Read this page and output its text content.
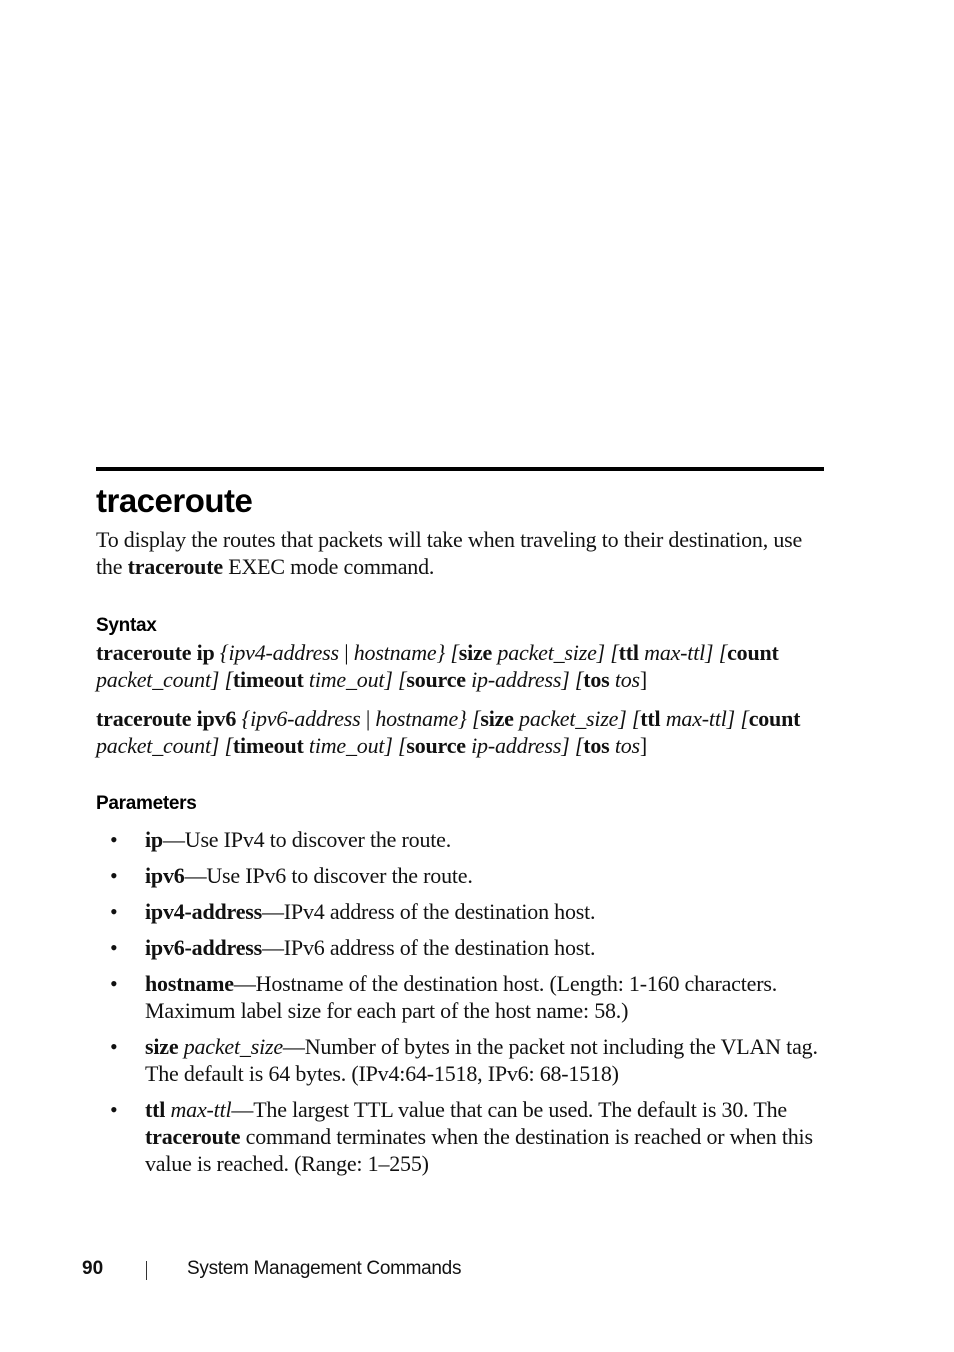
traceroute

To display the routes that packets will take when traveling to their destination, use the traceroute EXEC mode command.

Syntax

traceroute ip {ipv4-address | hostname} [size packet_size] [ttl max-ttl] [count packet_count] [timeout time_out] [source ip-address] [tos tos]

traceroute ipv6 {ipv6-address | hostname} [size packet_size] [ttl max-ttl] [count packet_count] [timeout time_out] [source ip-address] [tos tos]

Parameters
• ip—Use IPv4 to discover the route.
• ipv6—Use IPv6 to discover the route.
• ipv4-address—IPv4 address of the destination host.
• ipv6-address—IPv6 address of the destination host.
• hostname—Hostname of the destination host. (Length: 1-160 characters. Maximum label size for each part of the host name: 58.)
• size packet_size—Number of bytes in the packet not including the VLAN tag. The default is 64 bytes. (IPv4:64-1518, IPv6: 68-1518)
• ttl max-ttl—The largest TTL value that can be used. The default is 30. The traceroute command terminates when the destination is reached or when this value is reached. (Range: 1–255)
90	System Management Commands
